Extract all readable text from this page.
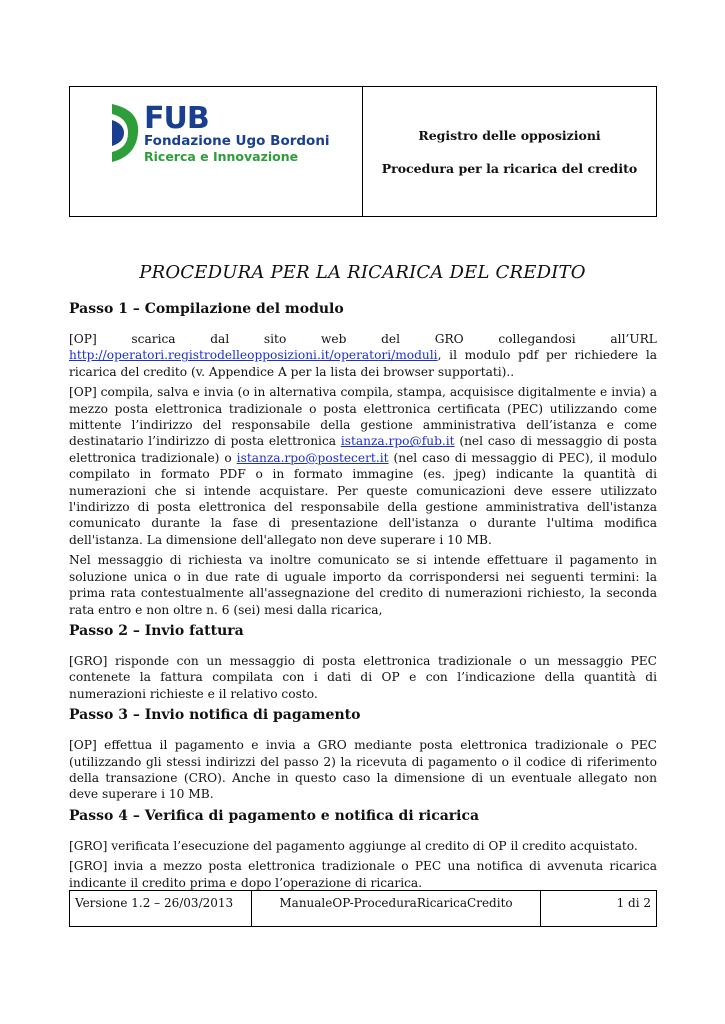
FUB
Fondazione Ugo Bordoni
Ricerca e Innovazione
Registro delle opposizioni
Procedura per la ricarica del credito
PROCEDURA PER LA RICARICA DEL CREDITO
Passo 1 – Compilazione del modulo

[OP]	scarica	dal	sito	web	del	GRO	collegandosi	all’URL

http://operatori.registrodelleopposizioni.it/operatori/moduli, il modulo pdf per richiedere la ricarica del credito (v. Appendice A per la lista dei browser supportati)..

[OP] compila, salva e invia (o in alternativa compila, stampa, acquisisce digitalmente e invia) a mezzo posta elettronica tradizionale o posta elettronica certificata (PEC) utilizzando come mittente l’indirizzo del responsabile della gestione amministrativa dell’istanza e come destinatario l’indirizzo di posta elettronica istanza.rpo@fub.it (nel caso di messaggio di posta elettronica tradizionale) o istanza.rpo@postecert.it (nel caso di messaggio di PEC), il modulo compilato in formato PDF o in formato immagine (es. jpeg) indicante la quantità di numerazioni che si intende acquistare. Per queste comunicazioni deve essere utilizzato l'indirizzo di posta elettronica del responsabile della gestione amministrativa dell'istanza comunicato durante la fase di presentazione dell'istanza o durante l'ultima modifica dell'istanza. La dimensione dell'allegato non deve superare i 10 MB.

Nel messaggio di richiesta va inoltre comunicato se si intende effettuare il pagamento in soluzione unica o in due rate di uguale importo da corrispondersi nei seguenti termini: la prima rata contestualmente all'assegnazione del credito di numerazioni richiesto, la seconda rata entro e non oltre n. 6 (sei) mesi dalla ricarica,

Passo 2 – Invio fattura

[GRO] risponde con un messaggio di posta elettronica tradizionale o un messaggio PEC contenete la fattura compilata con i dati di OP e con l’indicazione della quantità di numerazioni richieste e il relativo costo.

Passo 3 – Invio notifica di pagamento

[OP] effettua il pagamento e invia a GRO mediante posta elettronica tradizionale o PEC (utilizzando gli stessi indirizzi del passo 2) la ricevuta di pagamento o il codice di riferimento della transazione (CRO). Anche in questo caso la dimensione di un eventuale allegato non deve superare i 10 MB.

Passo 4 – Verifica di pagamento e notifica di ricarica

[GRO] verificata l’esecuzione del pagamento aggiunge al credito di OP il credito acquistato.

[GRO] invia a mezzo posta elettronica tradizionale o PEC una notifica di avvenuta ricarica indicante il credito prima e dopo l’operazione di ricarica.

Versione 1.2 – 26/03/2013	ManualeOP-ProceduraRicaricaCredito	1 di 2
